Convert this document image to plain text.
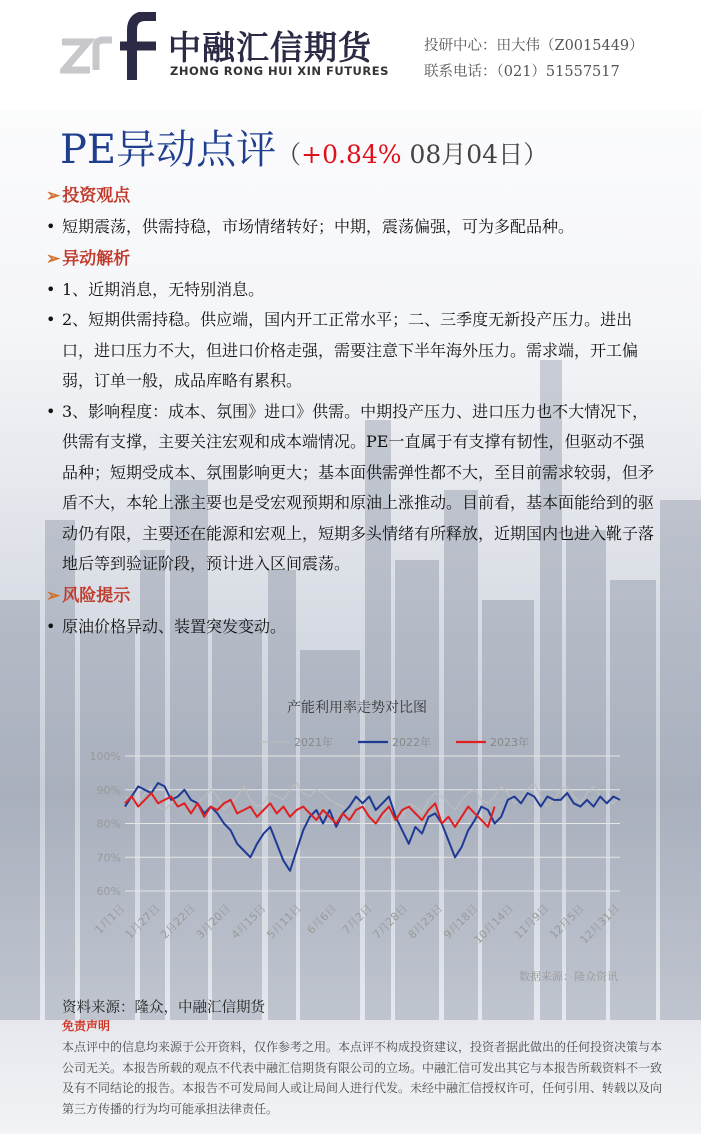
中融汇信期货
ZHONG RONG HUI XIN FUTURES
投研中心：田大伟（Z0015449）
联系电话：（021）51557517
PE异动点评（+0.84% 08月04日）

➢ 投资观点

• 短期震荡，供需持稳，市场情绪转好；中期，震荡偏强，可为多配品种。

➢ 异动解析

• 1、近期消息，无特别消息。

• 2、短期供需持稳。供应端，国内开工正常水平；二、三季度无新投产压力。进出口，进口压力不大，但进口价格走强，需要注意下半年海外压力。需求端，开工偏弱，订单一般，成品库略有累积。

• 3、影响程度：成本、氛围》进口》供需。中期投产压力、进口压力也不大情况下，供需有支撑，主要关注宏观和成本端情况。PE一直属于有支撑有韧性，但驱动不强品种；短期受成本、氛围影响更大；基本面供需弹性都不大，至目前需求较弱，但矛盾不大，本轮上涨主要也是受宏观预期和原油上涨推动。目前看，基本面能给到的驱动仍有限，主要还在能源和宏观上，短期多头情绪有所释放，近期国内也进入靴子落地后等到验证阶段，预计进入区间震荡。

➢ 风险提示

• 原油价格异动、装置突发变动。

产能利用率走势对比图
2021年	2022年	2023年
60%
70%
80%
90%
100%
1月1日
1月27日
2月22日
3月20日
4月15日
5月11日 6月6日 7月2日
7月28日
8月23日
9月18日
10月14日
11月9日
12月5日
12月31日
数据来源：隆众资讯
资料来源：隆众，中融汇信期货
免责声明
本点评中的信息均来源于公开资料，仅作参考之用。本点评不构成投资建议，投资者据此做出的任何投资决策与本公司无关。本报告所载的观点不代表中融汇信期货有限公司的立场。中融汇信可发出其它与本报告所载资料不一致及有不同结论的报告。本报告不可发局间人或让局间人进行代发。未经中融汇信授权许可，任何引用、转载以及向第三方传播的行为均可能承担法律责任。
